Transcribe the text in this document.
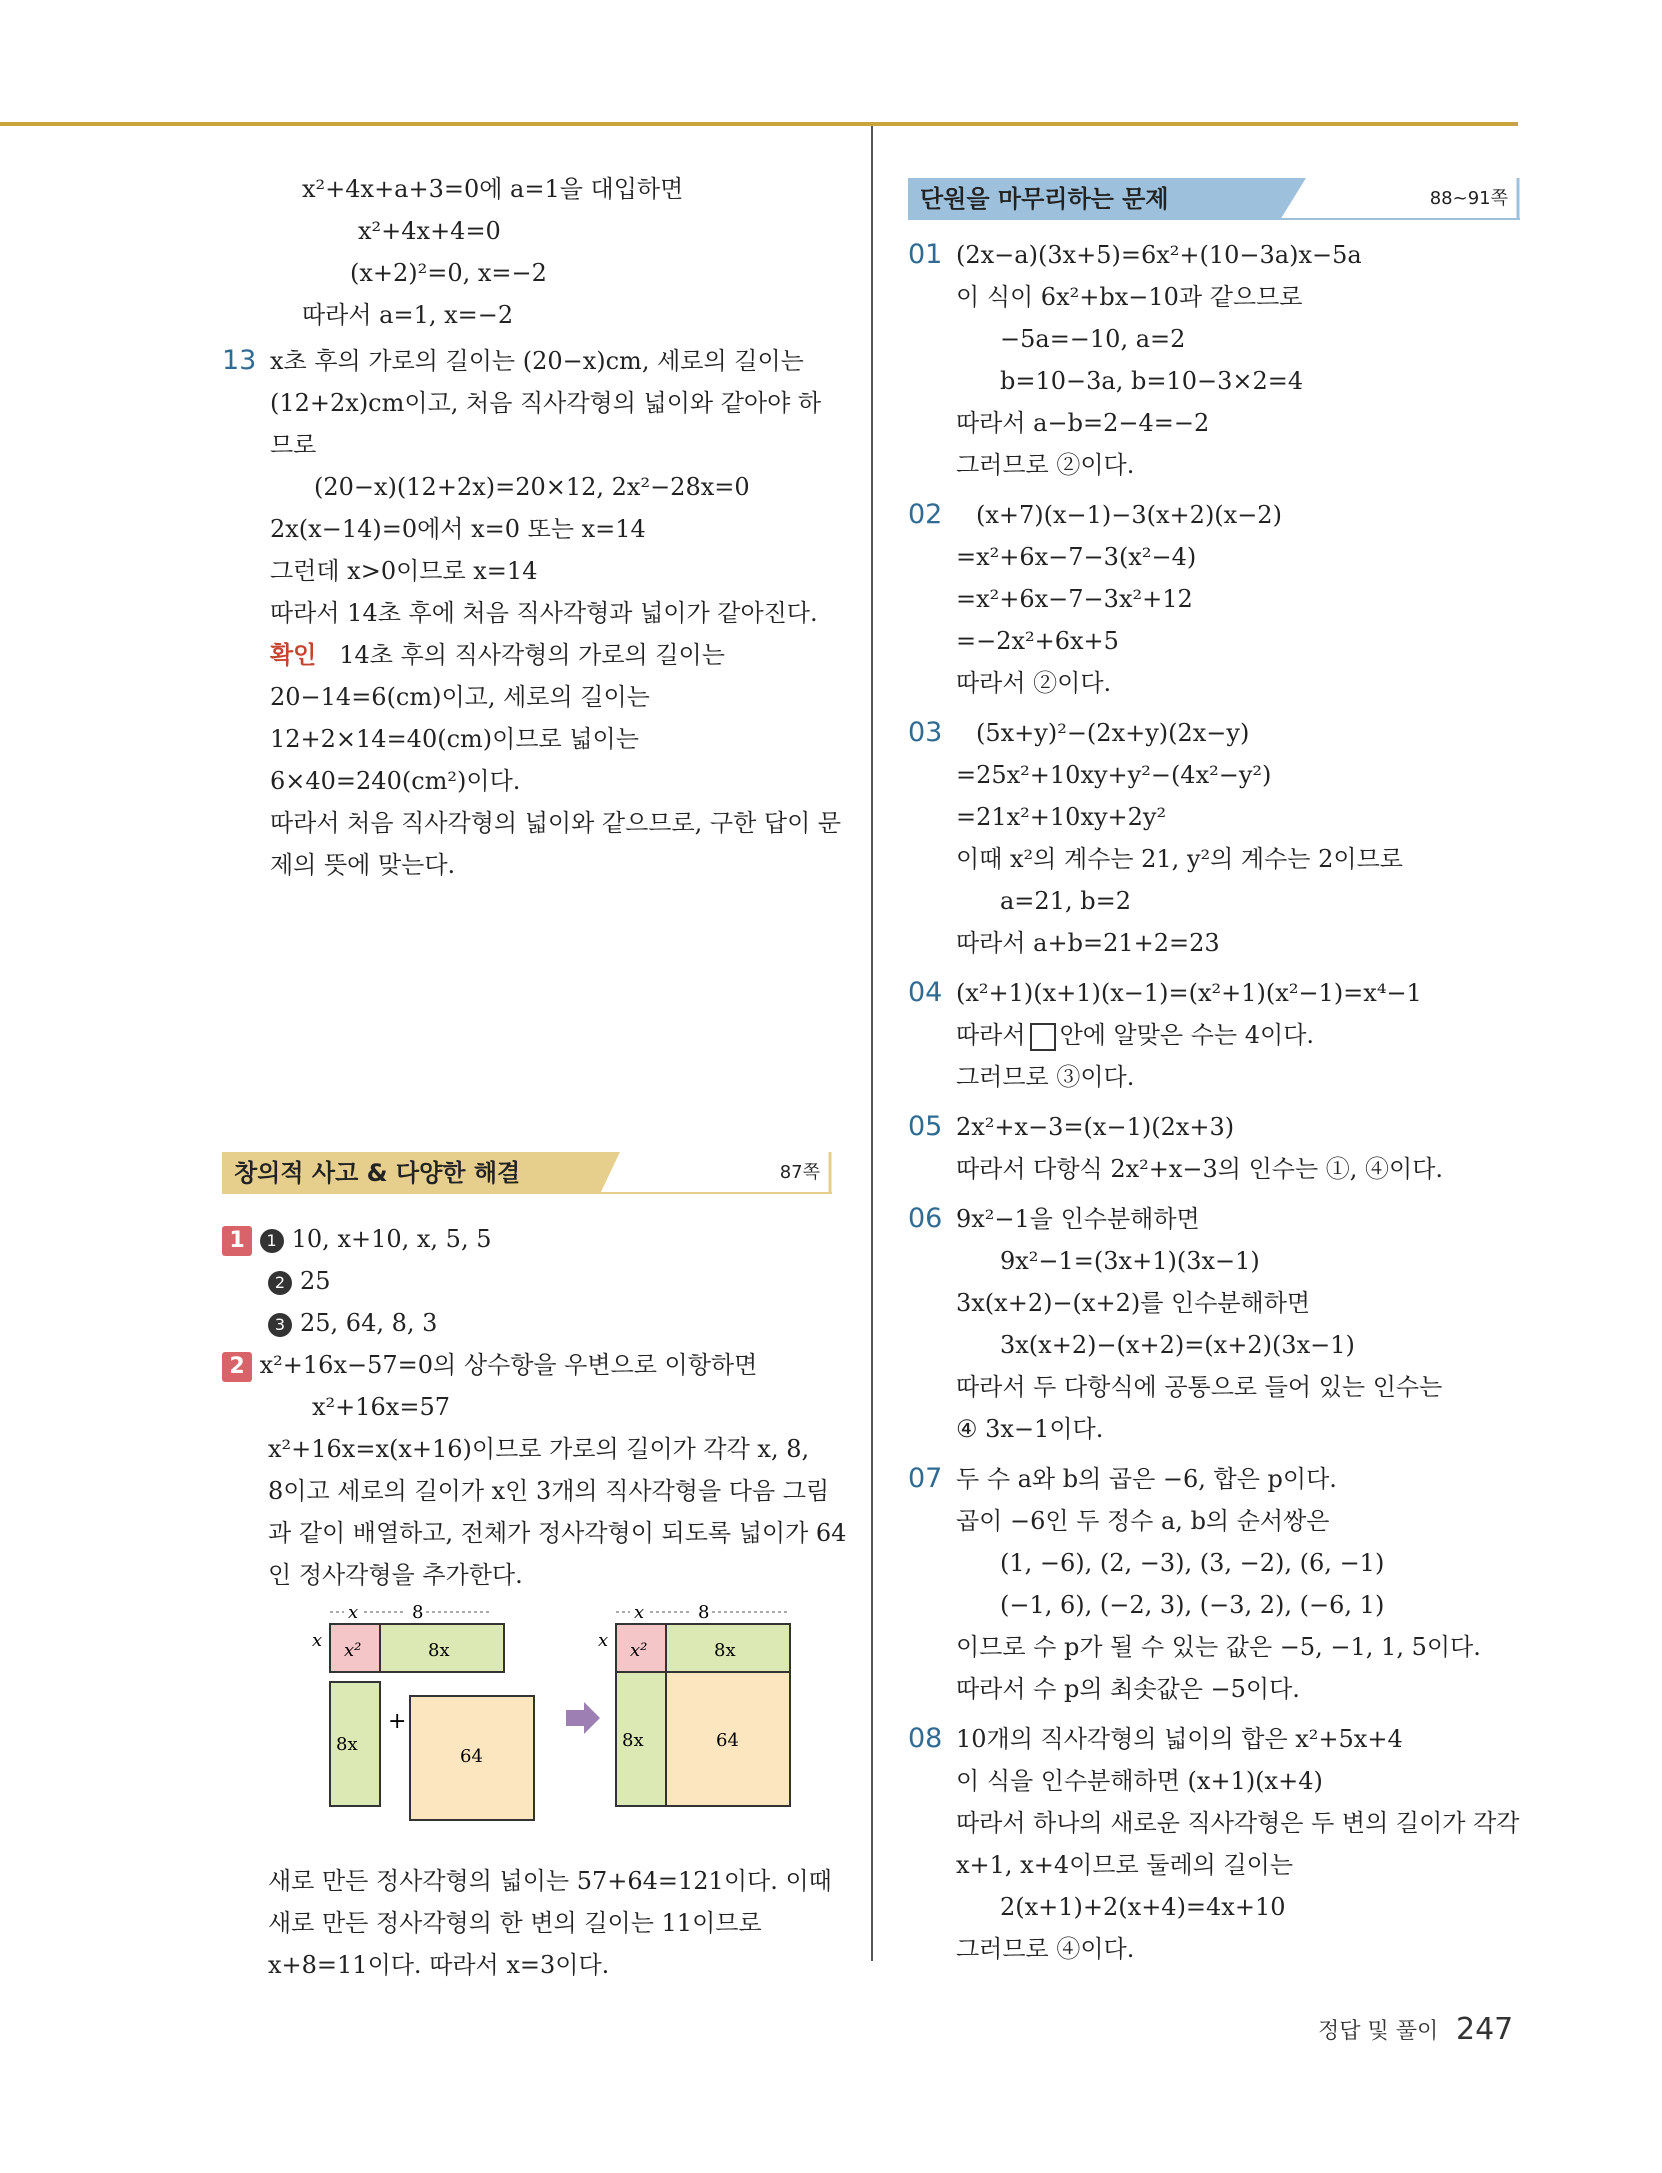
x²+4x+a+3=0에 a=1을 대입하면
x²+4x+4=0
(x+2)²=0, x=−2
따라서 a=1, x=−2
13 x초 후의 가로의 길이는 (20−x)cm, 세로의 길이는
(12+2x)cm이고, 처음 직사각형의 넓이와 같아야 하
므로
(20−x)(12+2x)=20×12, 2x²−28x=0
2x(x−14)=0에서 x=0 또는 x=14
그런데 x>0이므로 x=14
따라서 14초 후에 처음 직사각형과 넓이가 같아진다.
확인 14초 후의 직사각형의 가로의 길이는
20−14=6(cm)이고, 세로의 길이는
12+2×14=40(cm)이므로 넓이는
6×40=240(cm²)이다.
따라서 처음 직사각형의 넓이와 같으므로, 구한 답이 문
제의 뜻에 맞는다.
창의적 사고 & 다양한 해결	87쪽
1 1 10, x+10, x, 5, 5
2 25
3 25, 64, 8, 3
2 x²+16x−57=0의 상수항을 우변으로 이항하면
x²+16x=57
x²+16x=x(x+16)이므로 가로의 길이가 각각 x, 8,
8이고 세로의 길이가 x인 3개의 직사각형을 다음 그림
과 같이 배열하고, 전체가 정사각형이 되도록 넓이가 64
인 정사각형을 추가한다.
x	8
x x²	8x
8x
+
64
x	8
x x²	8x
8x	64
새로 만든 정사각형의 넓이는 57+64=121이다. 이때
새로 만든 정사각형의 한 변의 길이는 11이므로
x+8=11이다. 따라서 x=3이다.
단원을 마무리하는 문제	88~91쪽
01 (2x−a)(3x+5)=6x²+(10−3a)x−5a
이 식이 6x²+bx−10과 같으므로
−5a=−10, a=2
b=10−3a, b=10−3×2=4
따라서 a−b=2−4=−2
그러므로 ②이다.
02	(x+7)(x−1)−3(x+2)(x−2)
=x²+6x−7−3(x²−4)
=x²+6x−7−3x²+12
=−2x²+6x+5
따라서 ②이다.
03	(5x+y)²−(2x+y)(2x−y)
=25x²+10xy+y²−(4x²−y²)
=21x²+10xy+2y²
이때 x²의 계수는 21, y²의 계수는 2이므로
a=21, b=2
따라서 a+b=21+2=23
04 (x²+1)(x+1)(x−1)=(x²+1)(x²−1)=x⁴−1
따라서 안에 알맞은 수는 4이다.
그러므로 ③이다.
05 2x²+x−3=(x−1)(2x+3)
따라서 다항식 2x²+x−3의 인수는 ①, ④이다.
06 9x²−1을 인수분해하면
9x²−1=(3x+1)(3x−1)
3x(x+2)−(x+2)를 인수분해하면
3x(x+2)−(x+2)=(x+2)(3x−1)
따라서 두 다항식에 공통으로 들어 있는 인수는
④ 3x−1이다.
07 두 수 a와 b의 곱은 −6, 합은 p이다.
곱이 −6인 두 정수 a, b의 순서쌍은
(1, −6), (2, −3), (3, −2), (6, −1)
(−1, 6), (−2, 3), (−3, 2), (−6, 1)
이므로 수 p가 될 수 있는 값은 −5, −1, 1, 5이다.
따라서 수 p의 최솟값은 −5이다.
08 10개의 직사각형의 넓이의 합은 x²+5x+4
이 식을 인수분해하면 (x+1)(x+4)
따라서 하나의 새로운 직사각형은 두 변의 길이가 각각
x+1, x+4이므로 둘레의 길이는
2(x+1)+2(x+4)=4x+10
그러므로 ④이다.
정답 및 풀이 247
